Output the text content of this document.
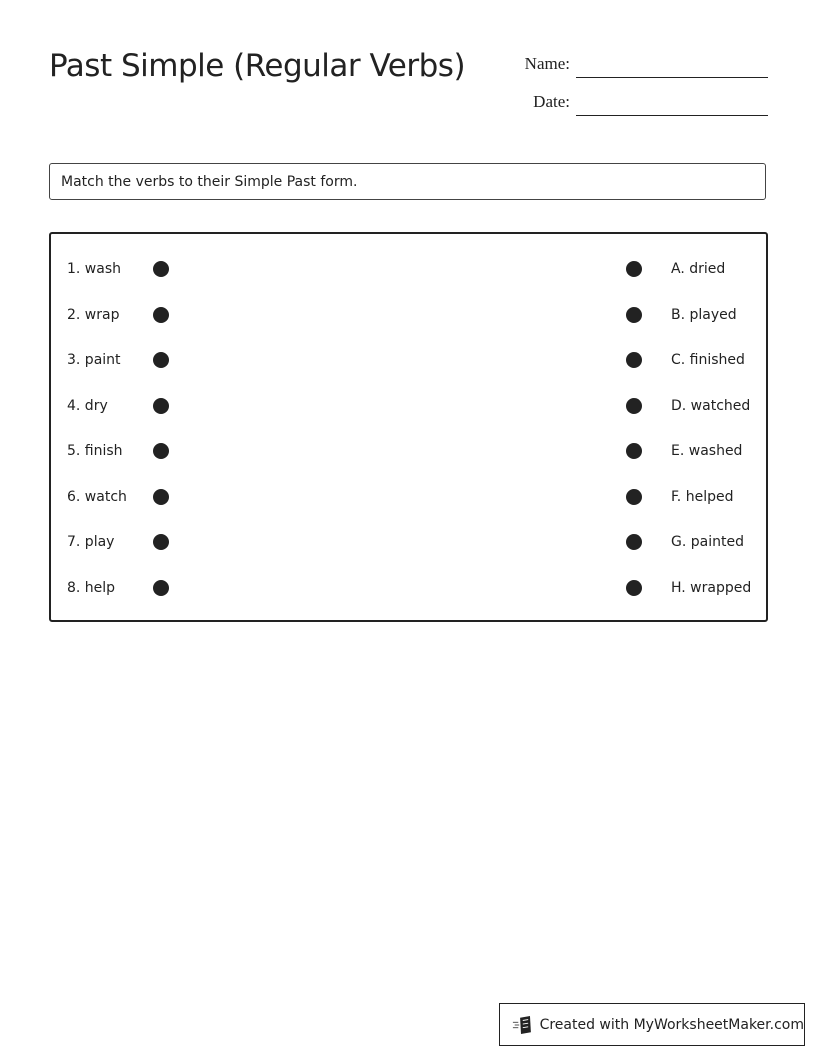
Past Simple (Regular Verbs)	Name:
Date:
Match the verbs to their Simple Past form.
1. wash	A. dried
2. wrap	B. played
3. paint	C. finished
4. dry	D. watched
5. finish	E. washed
6. watch	F. helped
7. play	G. painted
8. help	H. wrapped
Created with MyWorksheetMaker.com
